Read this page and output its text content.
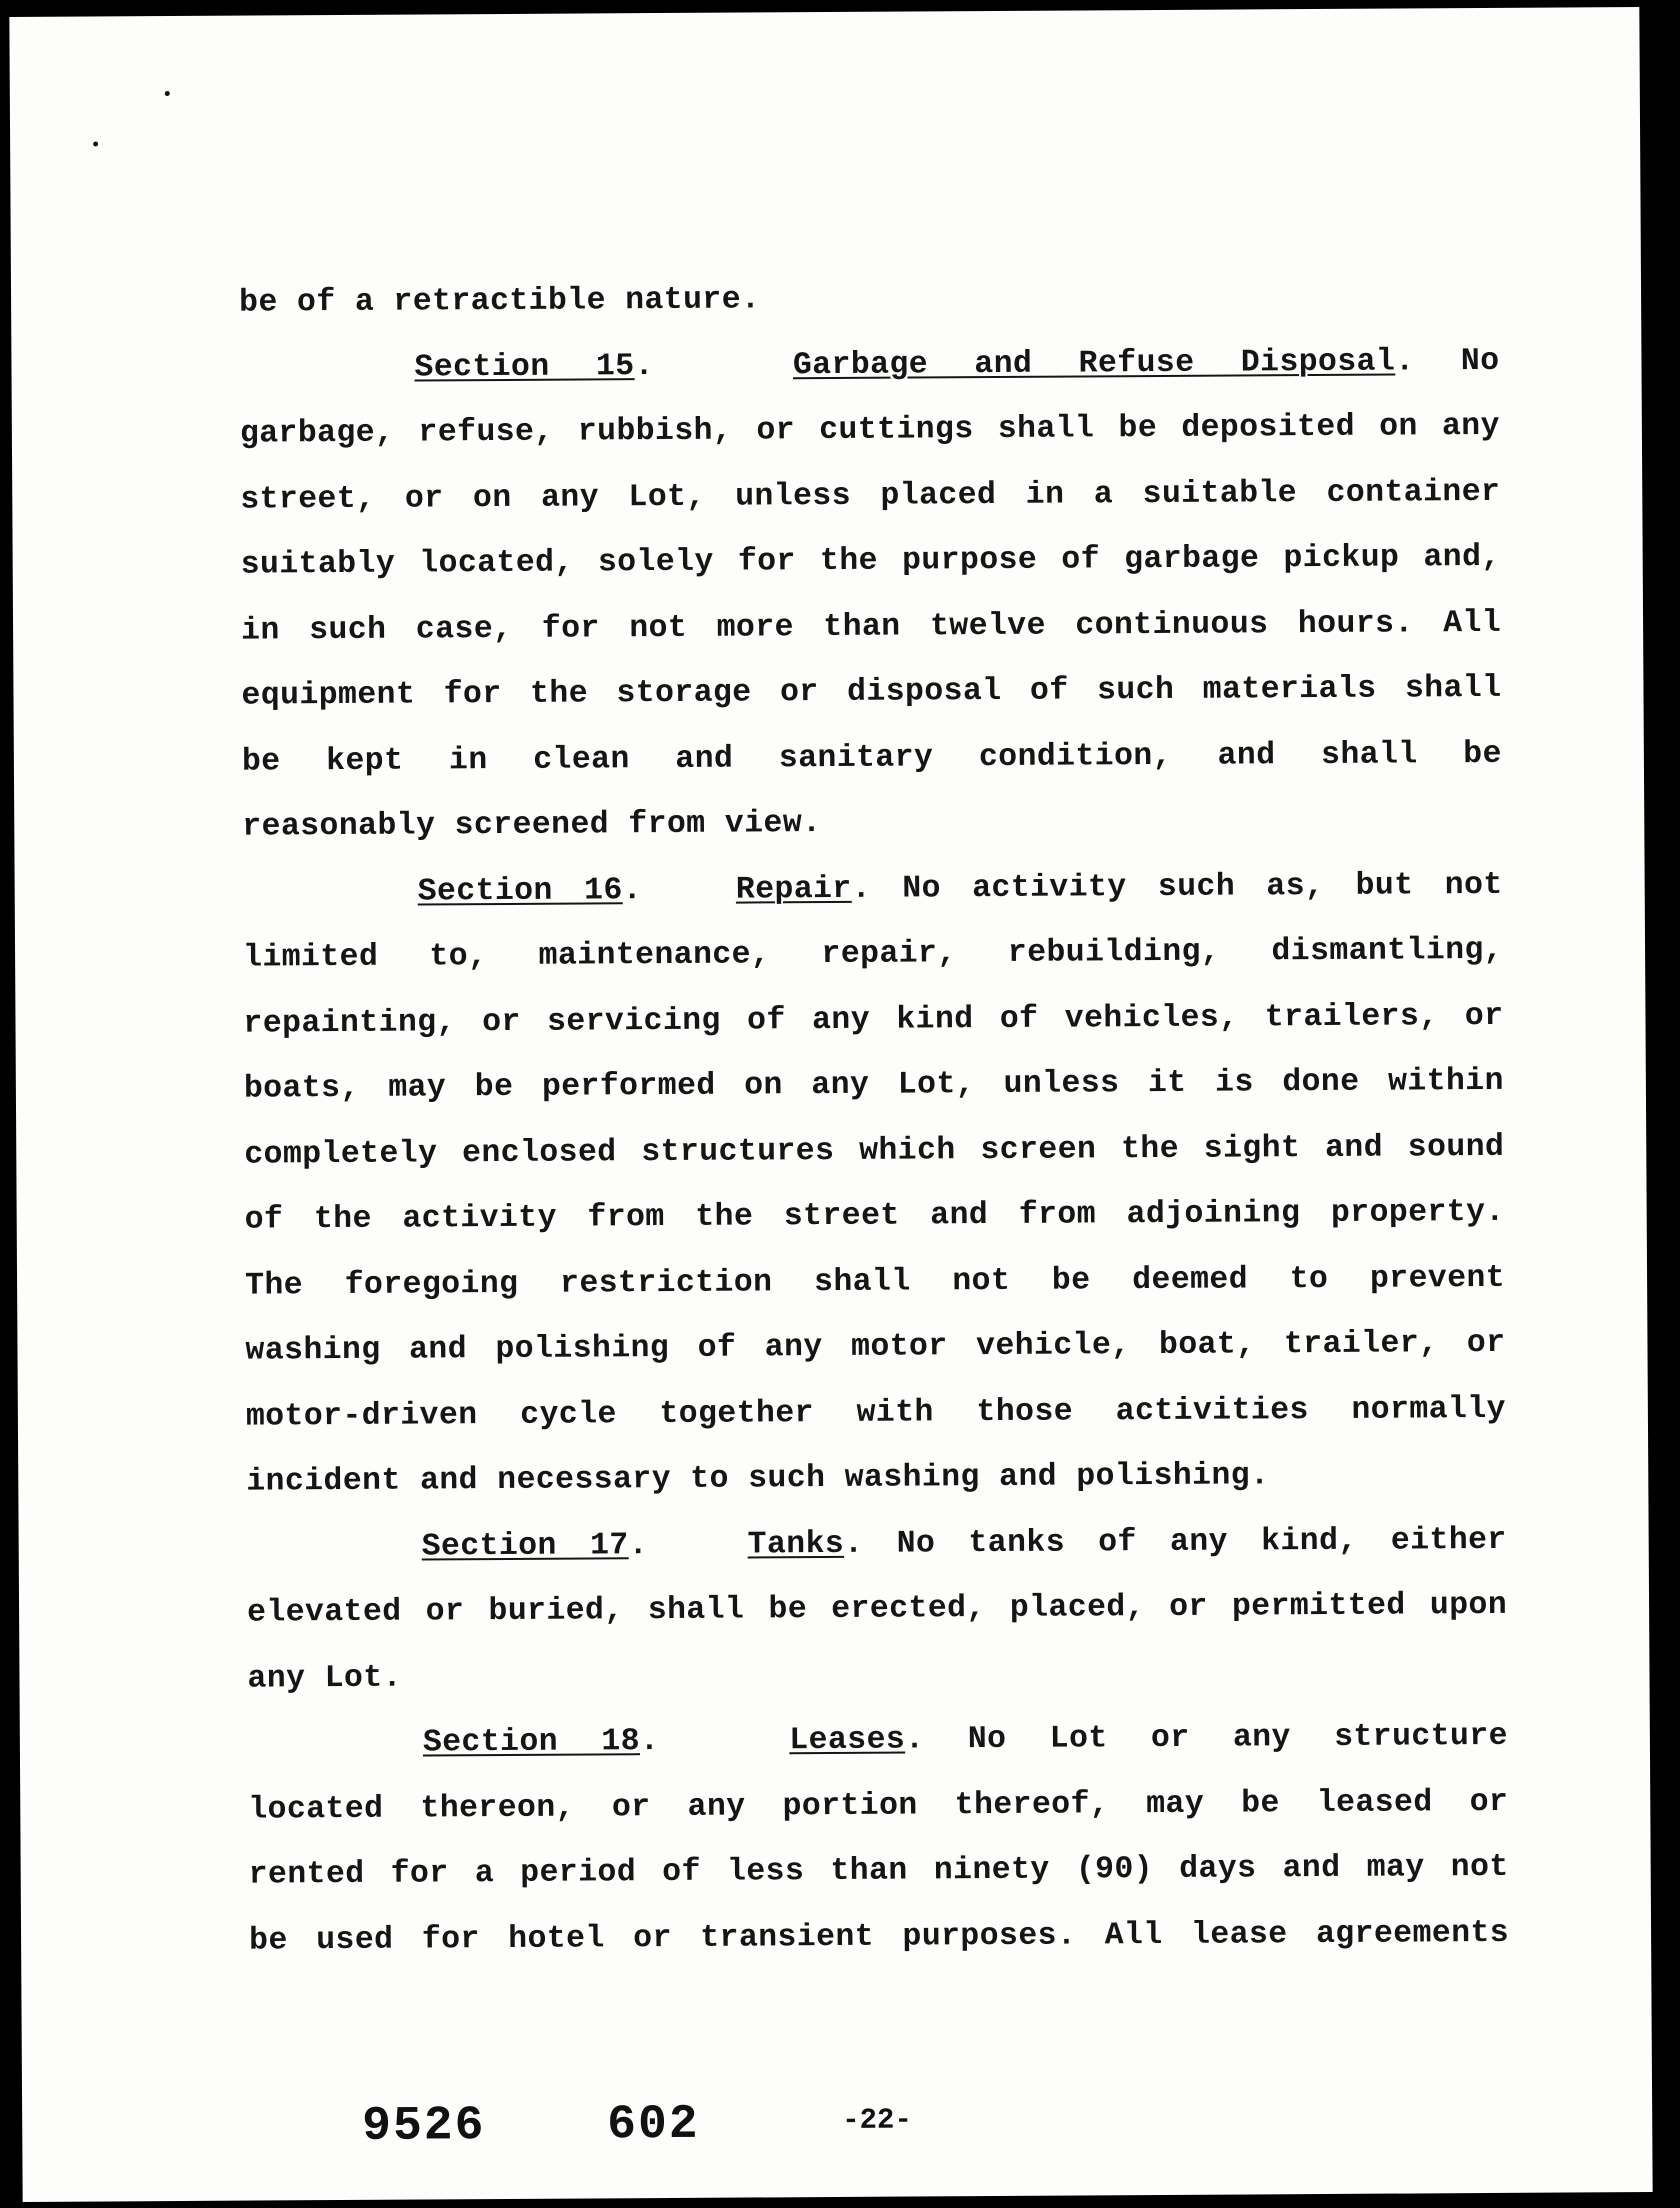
be of a retractible nature.
Section 15.	Garbage and Refuse Disposal. No
garbage, refuse, rubbish, or cuttings shall be deposited on any
street, or on any Lot, unless placed in a suitable container
suitably located, solely for the purpose of garbage pickup and,
in such case, for not more than twelve continuous hours. All
equipment for the storage or disposal of such materials shall
be kept in clean and sanitary condition, and shall be
reasonably screened from view.
Section 16.	Repair. No activity such as, but not
limited to, maintenance, repair, rebuilding, dismantling,
repainting, or servicing of any kind of vehicles, trailers, or
boats, may be performed on any Lot, unless it is done within
completely enclosed structures which screen the sight and sound
of the activity from the street and from adjoining property.
The foregoing restriction shall not be deemed to prevent
washing and polishing of any motor vehicle, boat, trailer, or
motor-driven cycle together with those activities normally
incident and necessary to such washing and polishing.
Section 17.	Tanks. No tanks of any kind, either
elevated or buried, shall be erected, placed, or permitted upon
any Lot.
Section 18.	Leases. No Lot or any structure
located thereon, or any portion thereof, may be leased or
rented for a period of less than ninety (90) days and may not
be used for hotel or transient purposes. All lease agreements
9526	602	-22-
